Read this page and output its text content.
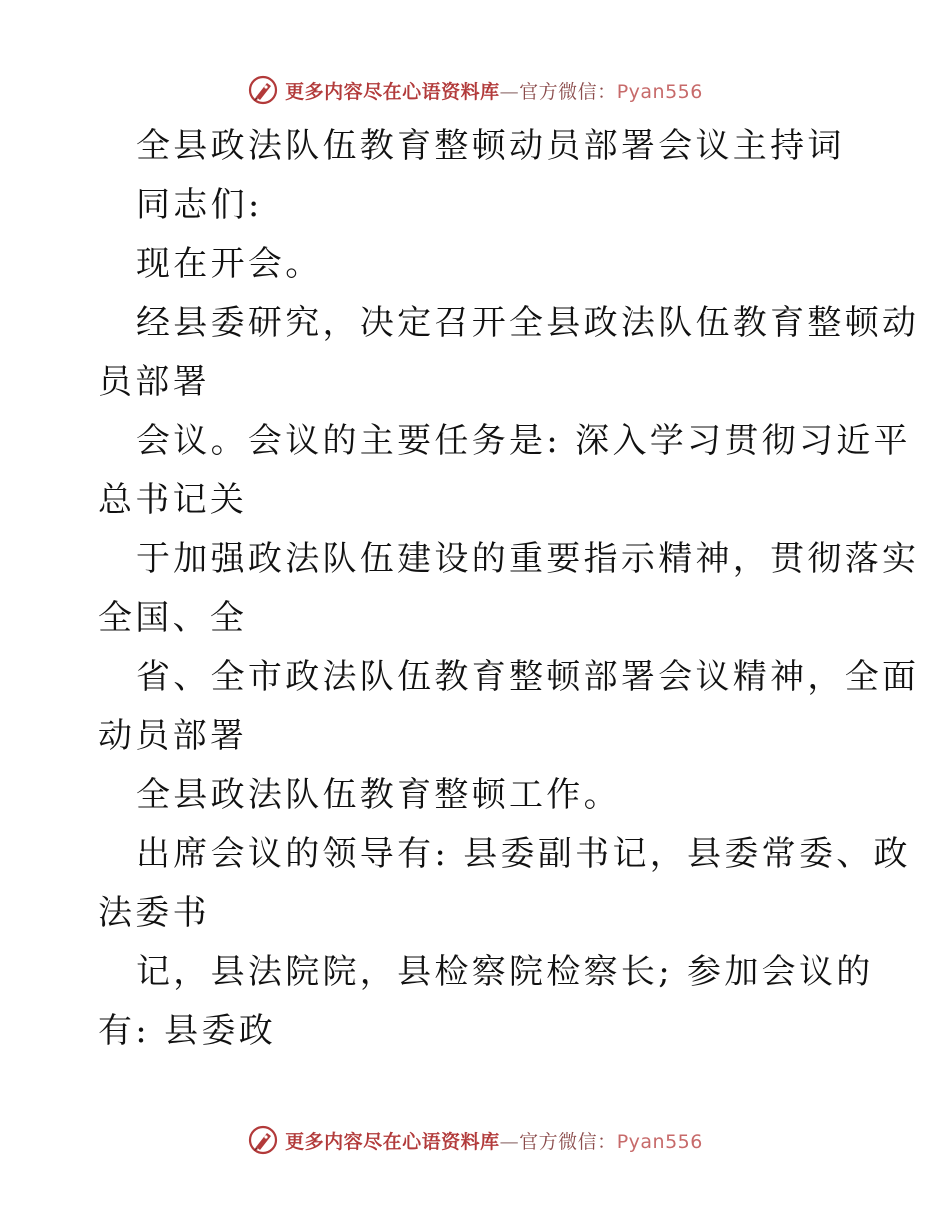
更多内容尽在心语资料库—官方微信：Pyan556
全县政法队伍教育整顿动员部署会议主持词
同志们:
现在开会。
经县委研究，决定召开全县政法队伍教育整顿动
员部署
会议。会议的主要任务是: 深入学习贯彻习近平
总书记关
于加强政法队伍建设的重要指示精神，贯彻落实
全国、全
省、全市政法队伍教育整顿部署会议精神，全面
动员部署
全县政法队伍教育整顿工作。
出席会议的领导有: 县委副书记，县委常委、政
法委书
记，县法院院，县检察院检察长; 参加会议的
有: 县委政
更多内容尽在心语资料库—官方微信：Pyan556
